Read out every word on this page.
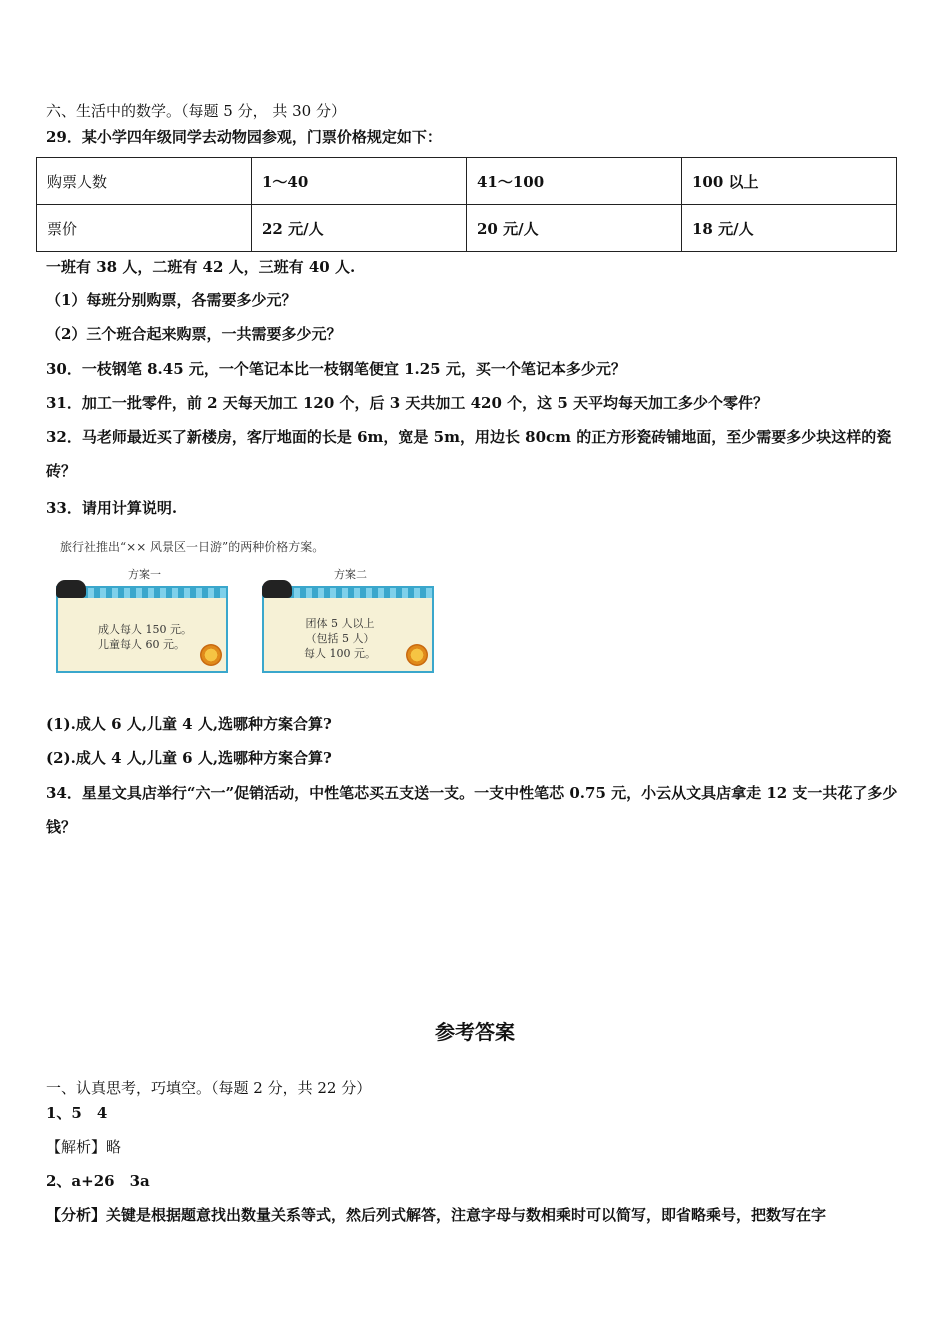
六、生活中的数学。（每题 5 分， 共 30 分）
29．某小学四年级同学去动物园参观，门票价格规定如下：
购票人数	1～40	41～100	100 以上
票价	22 元/人	20 元/人	18 元/人
一班有 38 人，二班有 42 人，三班有 40 人.
（1）每班分别购票，各需要多少元？
（2）三个班合起来购票，一共需要多少元？
30．一枝钢笔 8.45 元，一个笔记本比一枝钢笔便宜 1.25 元，买一个笔记本多少元？
31．加工一批零件，前 2 天每天加工 120 个，后 3 天共加工 420 个，这 5 天平均每天加工多少个零件？
32．马老师最近买了新楼房，客厅地面的长是 6m，宽是 5m，用边长 80cm 的正方形瓷砖铺地面，至少需要多少块这样的瓷砖？
33．请用计算说明.
旅行社推出“×× 风景区一日游”的两种价格方案。
方案一
成人每人 150 元。
儿童每人 60 元。
方案二
团体 5 人以上
（包括 5 人）
每人 100 元。
(1).成人 6 人,儿童 4 人,选哪种方案合算?
(2).成人 4 人,儿童 6 人,选哪种方案合算?
34．星星文具店举行“六一”促销活动，中性笔芯买五支送一支。一支中性笔芯 0.75 元，小云从文具店拿走 12 支一共花了多少钱？
参考答案
一、认真思考，巧填空。（每题 2 分，共 22 分）
1、5　4
【解析】略
2、a+26　3a
【分析】关键是根据题意找出数量关系等式，然后列式解答，注意字母与数相乘时可以简写，即省略乘号，把数写在字
